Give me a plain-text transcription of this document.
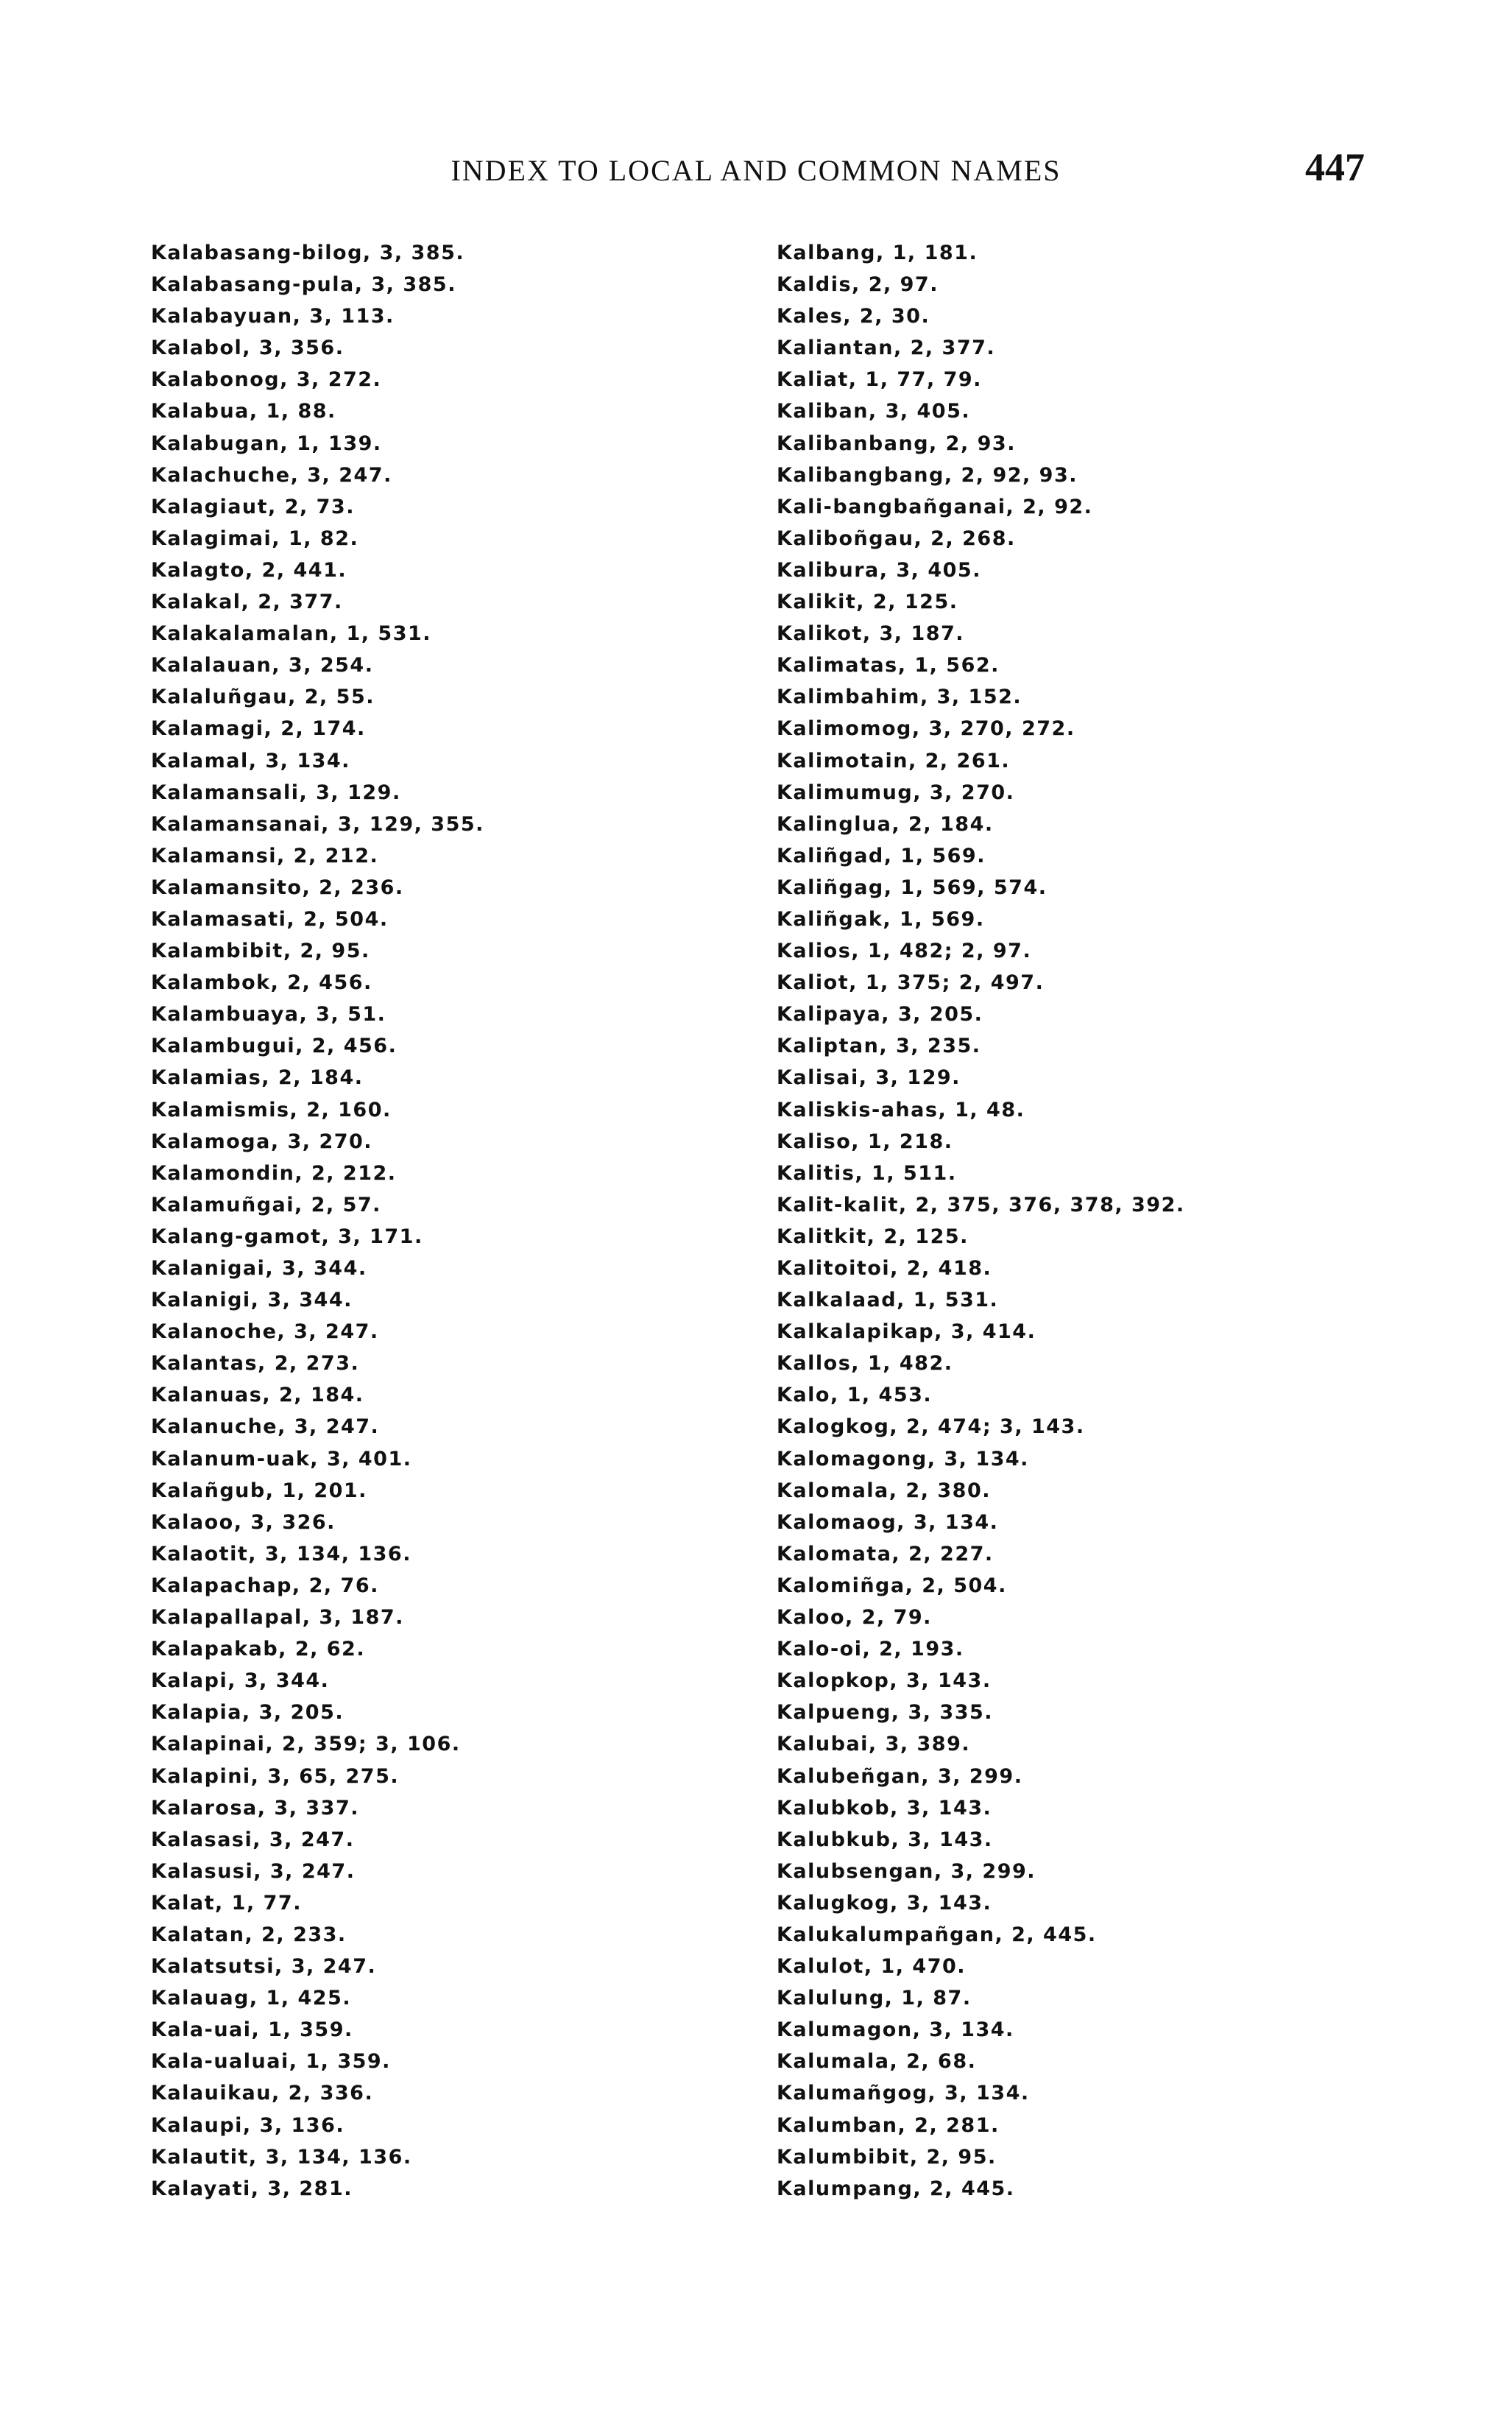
INDEX TO LOCAL AND COMMON NAMES	447
Kalabasang-bilog, 3, 385.
Kalabasang-pula, 3, 385.
Kalabayuan, 3, 113.
Kalabol, 3, 356.
Kalabonog, 3, 272.
Kalabua, 1, 88.
Kalabugan, 1, 139.
Kalachuche, 3, 247.
Kalagiaut, 2, 73.
Kalagimai, 1, 82.
Kalagto, 2, 441.
Kalakal, 2, 377.
Kalakalamalan, 1, 531.
Kalalauan, 3, 254.
Kalaluñgau, 2, 55.
Kalamagi, 2, 174.
Kalamal, 3, 134.
Kalamansali, 3, 129.
Kalamansanai, 3, 129, 355.
Kalamansi, 2, 212.
Kalamansito, 2, 236.
Kalamasati, 2, 504.
Kalambibit, 2, 95.
Kalambok, 2, 456.
Kalambuaya, 3, 51.
Kalambugui, 2, 456.
Kalamias, 2, 184.
Kalamismis, 2, 160.
Kalamoga, 3, 270.
Kalamondin, 2, 212.
Kalamuñgai, 2, 57.
Kalang-gamot, 3, 171.
Kalanigai, 3, 344.
Kalanigi, 3, 344.
Kalanoche, 3, 247.
Kalantas, 2, 273.
Kalanuas, 2, 184.
Kalanuche, 3, 247.
Kalanum-uak, 3, 401.
Kalañgub, 1, 201.
Kalaoo, 3, 326.
Kalaotit, 3, 134, 136.
Kalapachap, 2, 76.
Kalapallapal, 3, 187.
Kalapakab, 2, 62.
Kalapi, 3, 344.
Kalapia, 3, 205.
Kalapinai, 2, 359; 3, 106.
Kalapini, 3, 65, 275.
Kalarosa, 3, 337.
Kalasasi, 3, 247.
Kalasusi, 3, 247.
Kalat, 1, 77.
Kalatan, 2, 233.
Kalatsutsi, 3, 247.
Kalauag, 1, 425.
Kala-uai, 1, 359.
Kala-ualuai, 1, 359.
Kalauikau, 2, 336.
Kalaupi, 3, 136.
Kalautit, 3, 134, 136.
Kalayati, 3, 281.
Kalbang, 1, 181.
Kaldis, 2, 97.
Kales, 2, 30.
Kaliantan, 2, 377.
Kaliat, 1, 77, 79.
Kaliban, 3, 405.
Kalibanbang, 2, 93.
Kalibangbang, 2, 92, 93.
Kali-bangbañganai, 2, 92.
Kaliboñgau, 2, 268.
Kalibura, 3, 405.
Kalikit, 2, 125.
Kalikot, 3, 187.
Kalimatas, 1, 562.
Kalimbahim, 3, 152.
Kalimomog, 3, 270, 272.
Kalimotain, 2, 261.
Kalimumug, 3, 270.
Kalinglua, 2, 184.
Kaliñgad, 1, 569.
Kaliñgag, 1, 569, 574.
Kaliñgak, 1, 569.
Kalios, 1, 482; 2, 97.
Kaliot, 1, 375; 2, 497.
Kalipaya, 3, 205.
Kaliptan, 3, 235.
Kalisai, 3, 129.
Kaliskis-ahas, 1, 48.
Kaliso, 1, 218.
Kalitis, 1, 511.
Kalit-kalit, 2, 375, 376, 378, 392.
Kalitkit, 2, 125.
Kalitoitoi, 2, 418.
Kalkalaad, 1, 531.
Kalkalapikap, 3, 414.
Kallos, 1, 482.
Kalo, 1, 453.
Kalogkog, 2, 474; 3, 143.
Kalomagong, 3, 134.
Kalomala, 2, 380.
Kalomaog, 3, 134.
Kalomata, 2, 227.
Kalomiñga, 2, 504.
Kaloo, 2, 79.
Kalo-oi, 2, 193.
Kalopkop, 3, 143.
Kalpueng, 3, 335.
Kalubai, 3, 389.
Kalubeñgan, 3, 299.
Kalubkob, 3, 143.
Kalubkub, 3, 143.
Kalubsengan, 3, 299.
Kalugkog, 3, 143.
Kalukalumpañgan, 2, 445.
Kalulot, 1, 470.
Kalulung, 1, 87.
Kalumagon, 3, 134.
Kalumala, 2, 68.
Kalumañgog, 3, 134.
Kalumban, 2, 281.
Kalumbibit, 2, 95.
Kalumpang, 2, 445.
